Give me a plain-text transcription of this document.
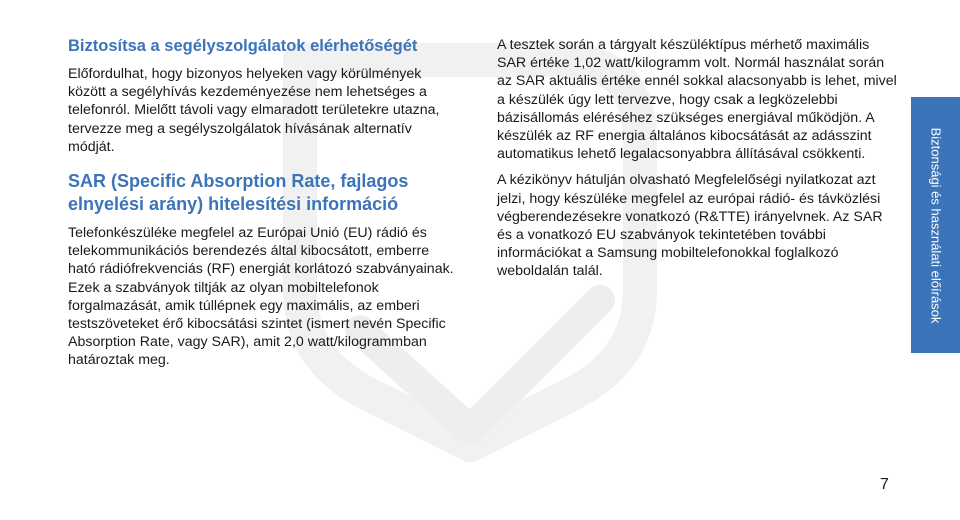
Biztosítsa a segélyszolgálatok elérhetőségét

Előfordulhat, hogy bizonyos helyeken vagy körülmények között a segélyhívás kezdeményezése nem lehetséges a telefonról. Mielőtt távoli vagy elmaradott területekre utazna, tervezze meg a segélyszolgálatok hívásának alternatív módját.

SAR (Specific Absorption Rate, fajlagos elnyelési arány) hitelesítési információ

Telefonkészüléke megfelel az Európai Unió (EU) rádió és telekommunikációs berendezés által kibocsátott, emberre ható rádiófrekvenciás (RF) energiát korlátozó szabványainak. Ezek a szabványok tiltják az olyan mobiltelefonok forgalmazását, amik túllépnek egy maximális, az emberi testszöveteket érő kibocsátási szintet (ismert nevén Specific Absorption Rate, vagy SAR), amit 2,0 watt/kilogrammban határoztak meg.

A tesztek során a tárgyalt készüléktípus mérhető maximális SAR értéke 1,02 watt/kilogramm volt. Normál használat során az SAR aktuális értéke ennél sokkal alacsonyabb is lehet, mivel a készülék úgy lett tervezve, hogy csak a legközelebbi bázisállomás eléréséhez szükséges energiával működjön. A készülék az RF energia általános kibocsátását az adásszint automatikus lehető legalacsonyabbra állításával csökkenti.

A kézikönyv hátulján olvasható Megfelelőségi nyilatkozat azt jelzi, hogy készüléke megfelel az európai rádió- és távközlési végberendezésekre vonatkozó (R&TTE) irányelvnek. Az SAR és a vonatkozó EU szabványok tekintetében további információkat a Samsung mobiltelefonokkal foglalkozó weboldalán talál.	Biztonsági és használati előírások
7
